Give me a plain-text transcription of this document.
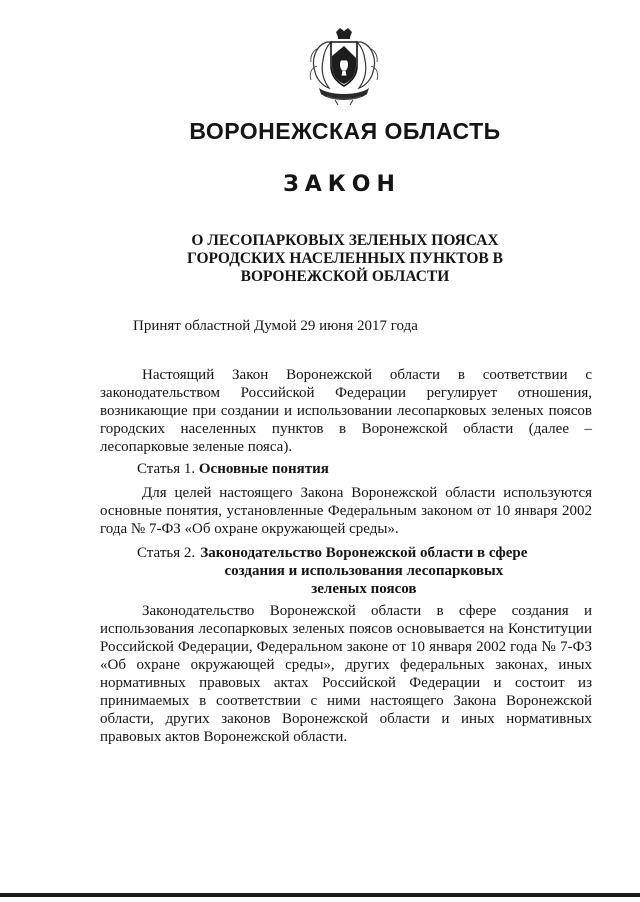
ВОРОНЕЖСКАЯ ОБЛАСТЬ
ЗАКОН
О ЛЕСОПАРКОВЫХ ЗЕЛЕНЫХ ПОЯСАХ
ГОРОДСКИХ НАСЕЛЕННЫХ ПУНКТОВ В
ВОРОНЕЖСКОЙ ОБЛАСТИ
Принят областной Думой 29 июня 2017 года

Настоящий Закон Воронежской области в соответствии с законодательством Российской Федерации регулирует отношения, возникающие при создании и использовании лесопарковых зеленых поясов городских населенных пунктов в Воронежской области (далее – лесопарковые зеленые пояса).

Статья 1. Основные понятия

Для целей настоящего Закона Воронежской области используются основные понятия, установленные Федеральным законом от 10 января 2002 года № 7-ФЗ «Об охране окружающей среды».

Статья 2. Законодательство Воронежской области в сфере создания и использования лесопарковых зеленых поясов

Законодательство Воронежской области в сфере создания и использования лесопарковых зеленых поясов основывается на Конституции Российской Федерации, Федеральном законе от 10 января 2002 года № 7-ФЗ «Об охране окружающей среды», других федеральных законах, иных нормативных правовых актах Российской Федерации и состоит из принимаемых в соответствии с ними настоящего Закона Воронежской области, других законов Воронежской области и иных нормативных правовых актов Воронежской области.
